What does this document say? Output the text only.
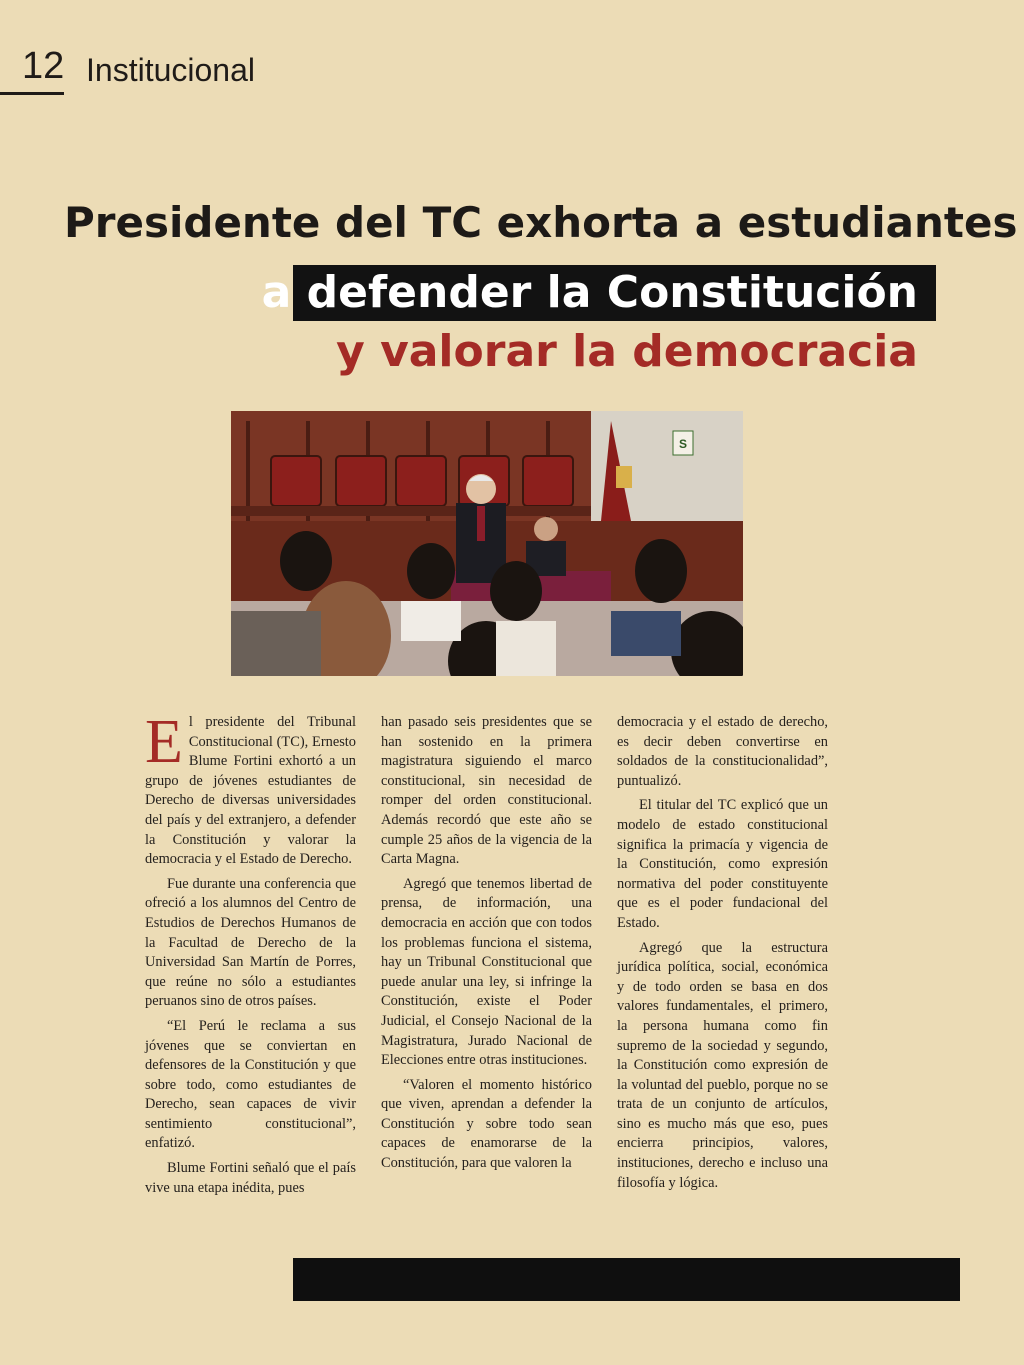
12 Institucional
Presidente del TC exhorta a estudiantes
a defender la Constitución
y valorar la democracia
S

El presidente del Tribunal Constitucional (TC), Ernesto Blume Fortini exhortó a un grupo de jóvenes estudiantes de Derecho de diversas universidades del país y del extranjero, a defender la Constitución y valorar la democracia y el Estado de Derecho.

Fue durante una conferencia que ofreció a los alumnos del Centro de Estudios de Derechos Humanos de la Facultad de Derecho de la Universidad San Martín de Porres, que reúne no sólo a estudiantes peruanos sino de otros países.

“El Perú le reclama a sus jóvenes que se conviertan en defensores de la Constitución y que sobre todo, como estudiantes de Derecho, sean capaces de vivir sentimiento constitucional”, enfatizó.

Blume Fortini señaló que el país vive una etapa inédita, pues

han pasado seis presidentes que se han sostenido en la primera magistratura siguiendo el marco constitucional, sin necesidad de romper del orden constitucional. Además recordó que este año se cumple 25 años de la vigencia de la Carta Magna.

Agregó que tenemos libertad de prensa, de información, una democracia en acción que con todos los problemas funciona el sistema, hay un Tribunal Constitucional que puede anular una ley, si infringe la Constitución, existe el Poder Judicial, el Consejo Nacional de la Magistratura, Jurado Nacional de Elecciones entre otras instituciones.

“Valoren el momento histórico que viven, aprendan a defender la Constitución y sobre todo sean capaces de enamorarse de la Constitución, para que valoren la

democracia y el estado de derecho, es decir deben convertirse en soldados de la constitucionalidad”, puntualizó.

El titular del TC explicó que un modelo de estado constitucional significa la primacía y vigencia de la Constitución, como expresión normativa del poder constituyente que es el poder fundacional del Estado.

Agregó que la estructura jurídica política, social, económica y de todo orden se basa en dos valores fundamentales, el primero, la persona humana como fin supremo de la sociedad y segundo, la Constitución como expresión de la voluntad del pueblo, porque no se trata de un conjunto de artículos, sino es mucho más que eso, pues encierra principios, valores, instituciones, derecho e incluso una filosofía y lógica.
